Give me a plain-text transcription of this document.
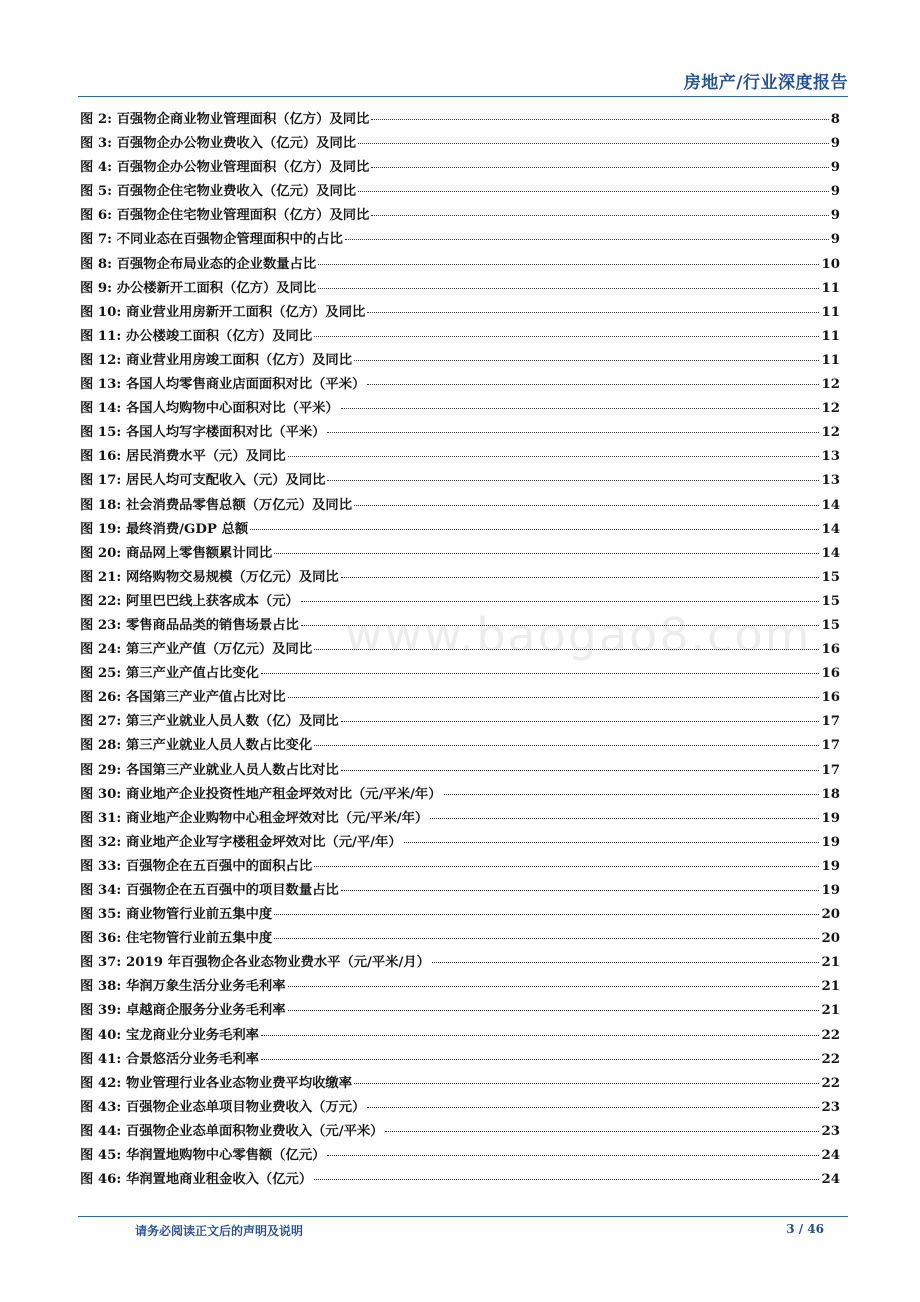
房地产/行业深度报告
图 2: 百强物企商业物业管理面积（亿方）及同比	8
图 3: 百强物企办公物业费收入（亿元）及同比	9
图 4: 百强物企办公物业管理面积（亿方）及同比	9
图 5: 百强物企住宅物业费收入（亿元）及同比	9
图 6: 百强物企住宅物业管理面积（亿方）及同比	9
图 7: 不同业态在百强物企管理面积中的占比	9
图 8: 百强物企布局业态的企业数量占比	10
图 9: 办公楼新开工面积（亿方）及同比	11
图 10: 商业营业用房新开工面积（亿方）及同比	11
图 11: 办公楼竣工面积（亿方）及同比	11
图 12: 商业营业用房竣工面积（亿方）及同比	11
图 13: 各国人均零售商业店面面积对比（平米）	12
图 14: 各国人均购物中心面积对比（平米）	12
图 15: 各国人均写字楼面积对比（平米）	12
图 16: 居民消费水平（元）及同比	13
图 17: 居民人均可支配收入（元）及同比	13
图 18: 社会消费品零售总额（万亿元）及同比	14
图 19: 最终消费/GDP 总额	14
图 20: 商品网上零售额累计同比	14
图 21: 网络购物交易规模（万亿元）及同比	15
图 22: 阿里巴巴线上获客成本（元）	15
图 23: 零售商品品类的销售场景占比	15
图 24: 第三产业产值（万亿元）及同比	16
图 25: 第三产业产值占比变化	16
图 26: 各国第三产业产值占比对比	16
图 27: 第三产业就业人员人数（亿）及同比	17
图 28: 第三产业就业人员人数占比变化	17
图 29: 各国第三产业就业人员人数占比对比	17
图 30: 商业地产企业投资性地产租金坪效对比（元/平米/年）	18
图 31: 商业地产企业购物中心租金坪效对比（元/平米/年）	19
图 32: 商业地产企业写字楼租金坪效对比（元/平/年）	19
图 33: 百强物企在五百强中的面积占比	19
图 34: 百强物企在五百强中的项目数量占比	19
图 35: 商业物管行业前五集中度	20
图 36: 住宅物管行业前五集中度	20
图 37: 2019 年百强物企各业态物业费水平（元/平米/月）	21
图 38: 华润万象生活分业务毛利率	21
图 39: 卓越商企服务分业务毛利率	21
图 40: 宝龙商业分业务毛利率	22
图 41: 合景悠活分业务毛利率	22
图 42: 物业管理行业各业态物业费平均收缴率	22
图 43: 百强物企业态单项目物业费收入（万元）	23
图 44: 百强物企业态单面积物业费收入（元/平米）	23
图 45: 华润置地购物中心零售额（亿元）	24
图 46: 华润置地商业租金收入（亿元）	24
www.baogao8.com
请务必阅读正文后的声明及说明	3 / 46
